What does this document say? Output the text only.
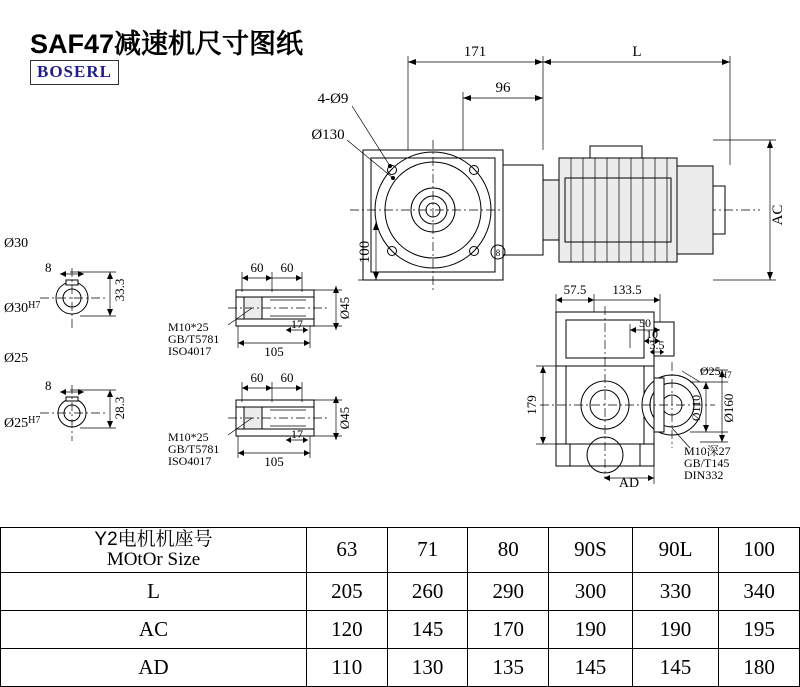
SAF47减速机尺寸图纸
BOSERL
8
171	L
96
4-Ø9
Ø130
AC
100
Ø30
$Ø30^{H7}$
8
33.3
Ø25
$Ø25^{H7}$
8
28.3
60 60
17
105
Ø45
M10*25
GB/T5781
ISO4017
60 60
17
105
Ø45
M10*25
GB/T5781
ISO4017
57.5 133.5
179
50
10
3.5
$Ø25_{H7}$
Ø110 Ø160
AD
M10深27
GB/T145
DIN332
Y2电机机座号
MOtOr Size	63	71	80	90S	90L	100
L	205	260	290	300	330	340
AC	120	145	170	190	190	195
AD	110	130	135	145	145	180
